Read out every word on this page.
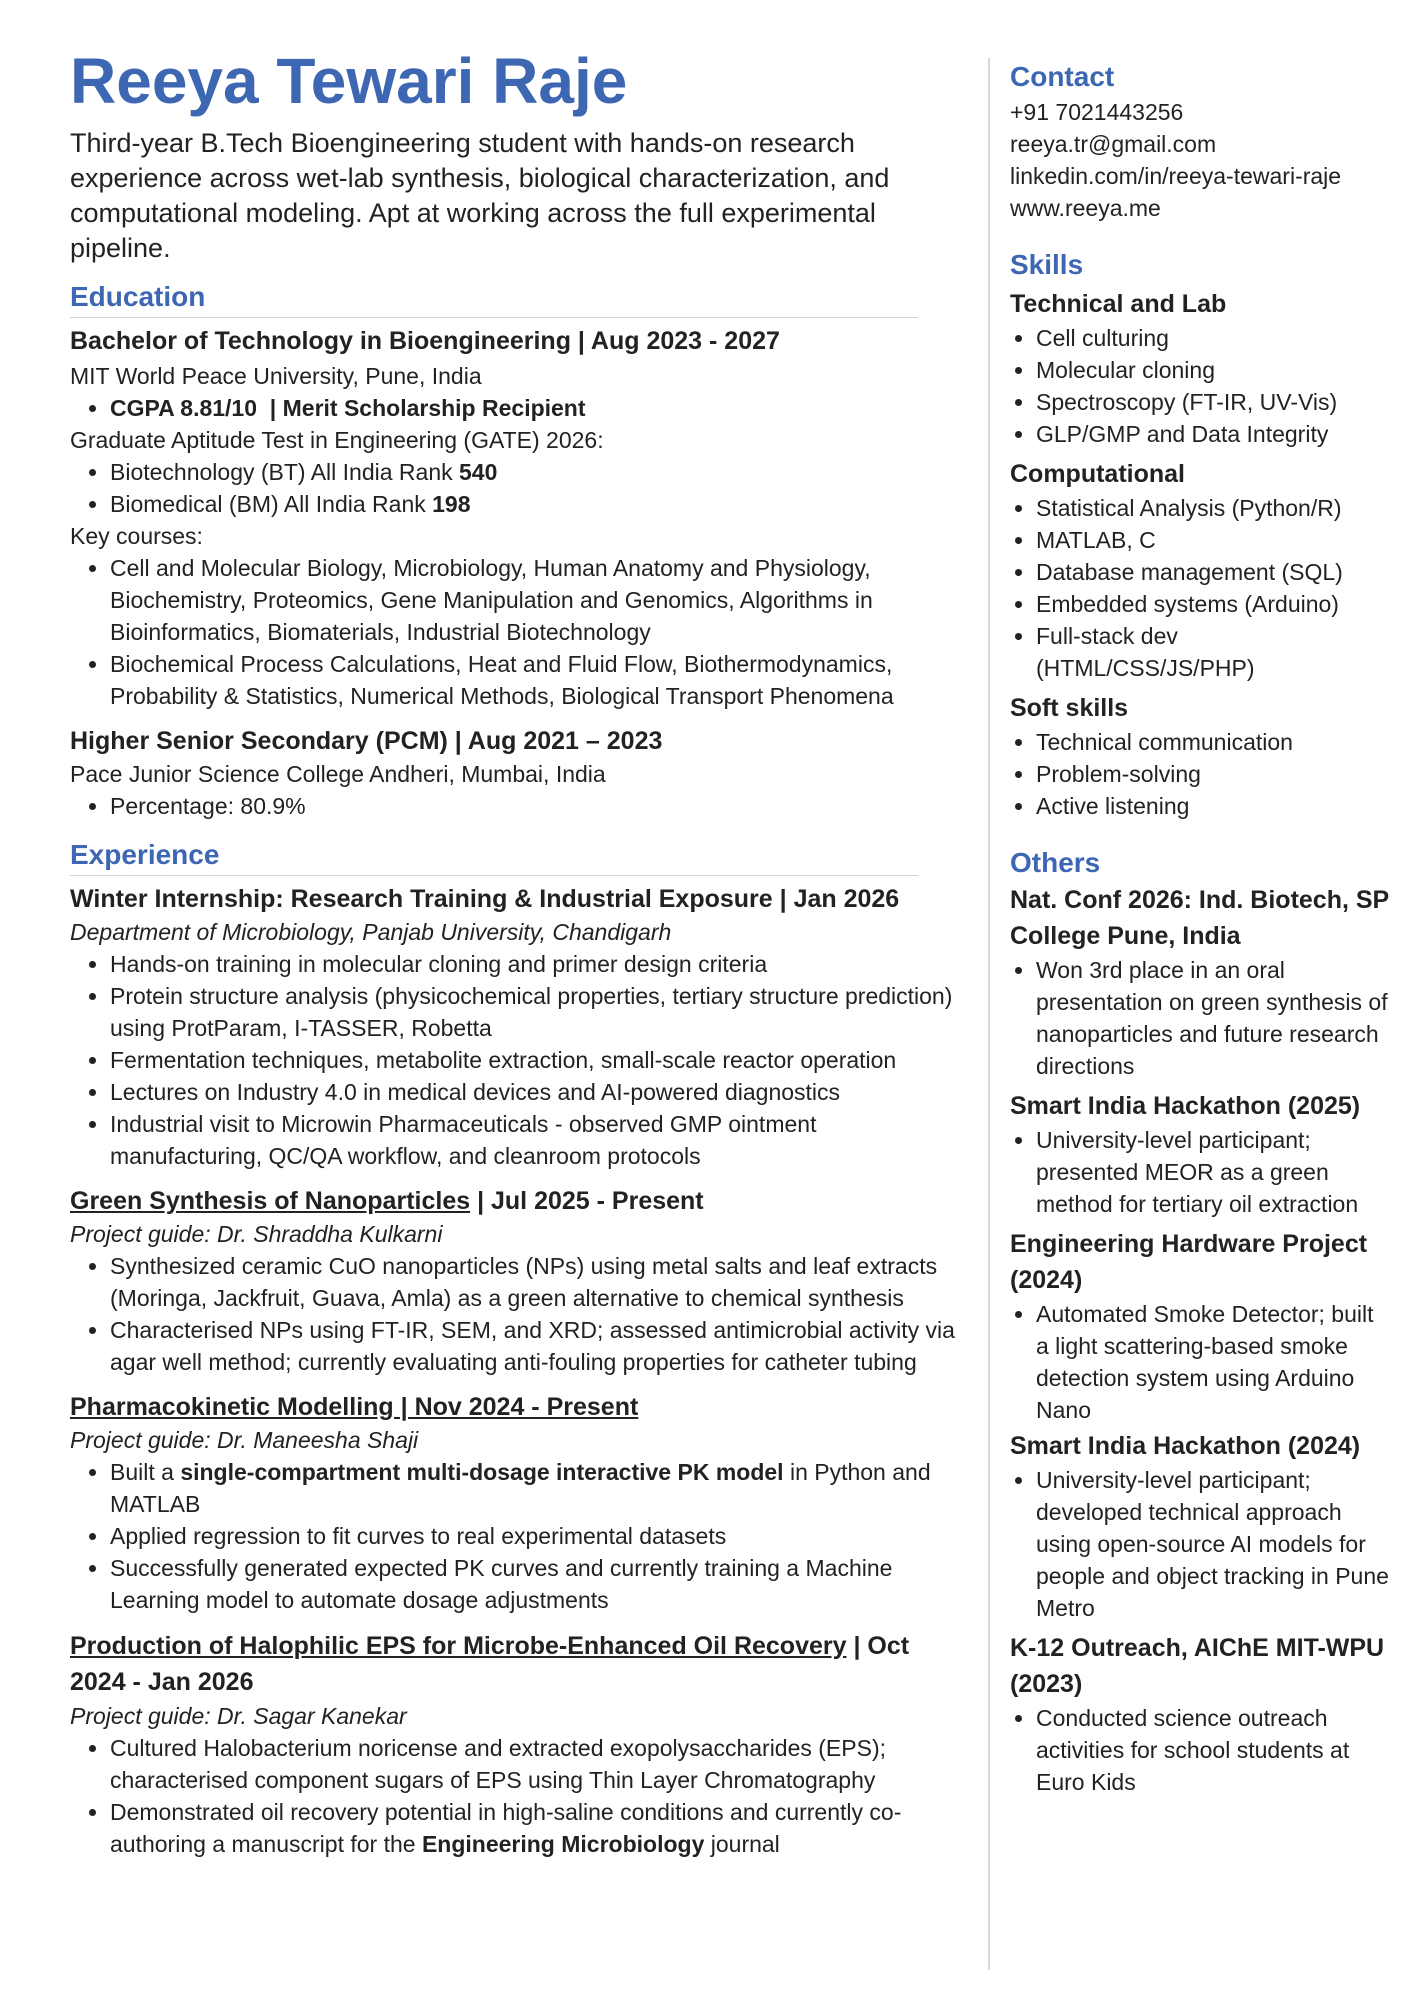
Reeya Tewari Raje

Third-year B.Tech Bioengineering student with hands-on research experience across wet-lab synthesis, biological characterization, and computational modeling. Apt at working across the full experimental pipeline.

Education

Bachelor of Technology in Bioengineering | Aug 2023 - 2027

MIT World Peace University, Pune, India

• CGPA 8.81/10  | Merit Scholarship Recipient

Graduate Aptitude Test in Engineering (GATE) 2026:

• Biotechnology (BT) All India Rank 540
• Biomedical (BM) All India Rank 198

Key courses:

• Cell and Molecular Biology, Microbiology, Human Anatomy and Physiology, Biochemistry, Proteomics, Gene Manipulation and Genomics, Algorithms in Bioinformatics, Biomaterials, Industrial Biotechnology
• Biochemical Process Calculations, Heat and Fluid Flow, Biothermodynamics, Probability & Statistics, Numerical Methods, Biological Transport Phenomena

Higher Senior Secondary (PCM) | Aug 2021 – 2023

Pace Junior Science College Andheri, Mumbai, India

• Percentage: 80.9%
Experience

Winter Internship: Research Training & Industrial Exposure | Jan 2026

Department of Microbiology, Panjab University, Chandigarh

• Hands-on training in molecular cloning and primer design criteria
• Protein structure analysis (physicochemical properties, tertiary structure prediction) using ProtParam, I-TASSER, Robetta
• Fermentation techniques, metabolite extraction, small-scale reactor operation
• Lectures on Industry 4.0 in medical devices and AI-powered diagnostics
• Industrial visit to Microwin Pharmaceuticals - observed GMP ointment manufacturing, QC/QA workflow, and cleanroom protocols

Green Synthesis of Nanoparticles | Jul 2025 - Present

Project guide: Dr. Shraddha Kulkarni

• Synthesized ceramic CuO nanoparticles (NPs) using metal salts and leaf extracts (Moringa, Jackfruit, Guava, Amla) as a green alternative to chemical synthesis
• Characterised NPs using FT-IR, SEM, and XRD; assessed antimicrobial activity via agar well method; currently evaluating anti-fouling properties for catheter tubing

Pharmacokinetic Modelling | Nov 2024 - Present

Project guide: Dr. Maneesha Shaji

• Built a single-compartment multi-dosage interactive PK model in Python and MATLAB
• Applied regression to fit curves to real experimental datasets
• Successfully generated expected PK curves and currently training a Machine Learning model to automate dosage adjustments

Production of Halophilic EPS for Microbe-Enhanced Oil Recovery | Oct 2024 - Jan 2026

Project guide: Dr. Sagar Kanekar

• Cultured Halobacterium noricense and extracted exopolysaccharides (EPS); characterised component sugars of EPS using Thin Layer Chromatography
• Demonstrated oil recovery potential in high-saline conditions and currently co-authoring a manuscript for the Engineering Microbiology journal
Contact

+91 7021443256

reeya.tr@gmail.com

linkedin.com/in/reeya-tewari-raje

www.reeya.me

Skills

Technical and Lab

• Cell culturing
• Molecular cloning
• Spectroscopy (FT-IR, UV-Vis)
• GLP/GMP and Data Integrity

Computational

• Statistical Analysis (Python/R)
• MATLAB, C
• Database management (SQL)
• Embedded systems (Arduino)
• Full-stack dev (HTML/CSS/JS/PHP)

Soft skills

• Technical communication
• Problem-solving
• Active listening
Others

Nat. Conf 2026: Ind. Biotech, SP College Pune, India

• Won 3rd place in an oral presentation on green synthesis of nanoparticles and future research directions

Smart India Hackathon (2025)

• University-level participant; presented MEOR as a green method for tertiary oil extraction

Engineering Hardware Project (2024)

• Automated Smoke Detector; built a light scattering-based smoke detection system using Arduino Nano

Smart India Hackathon (2024)

• University-level participant; developed technical approach using open-source AI models for people and object tracking in Pune Metro

K-12 Outreach, AIChE MIT-WPU (2023)

• Conducted science outreach activities for school students at Euro Kids
